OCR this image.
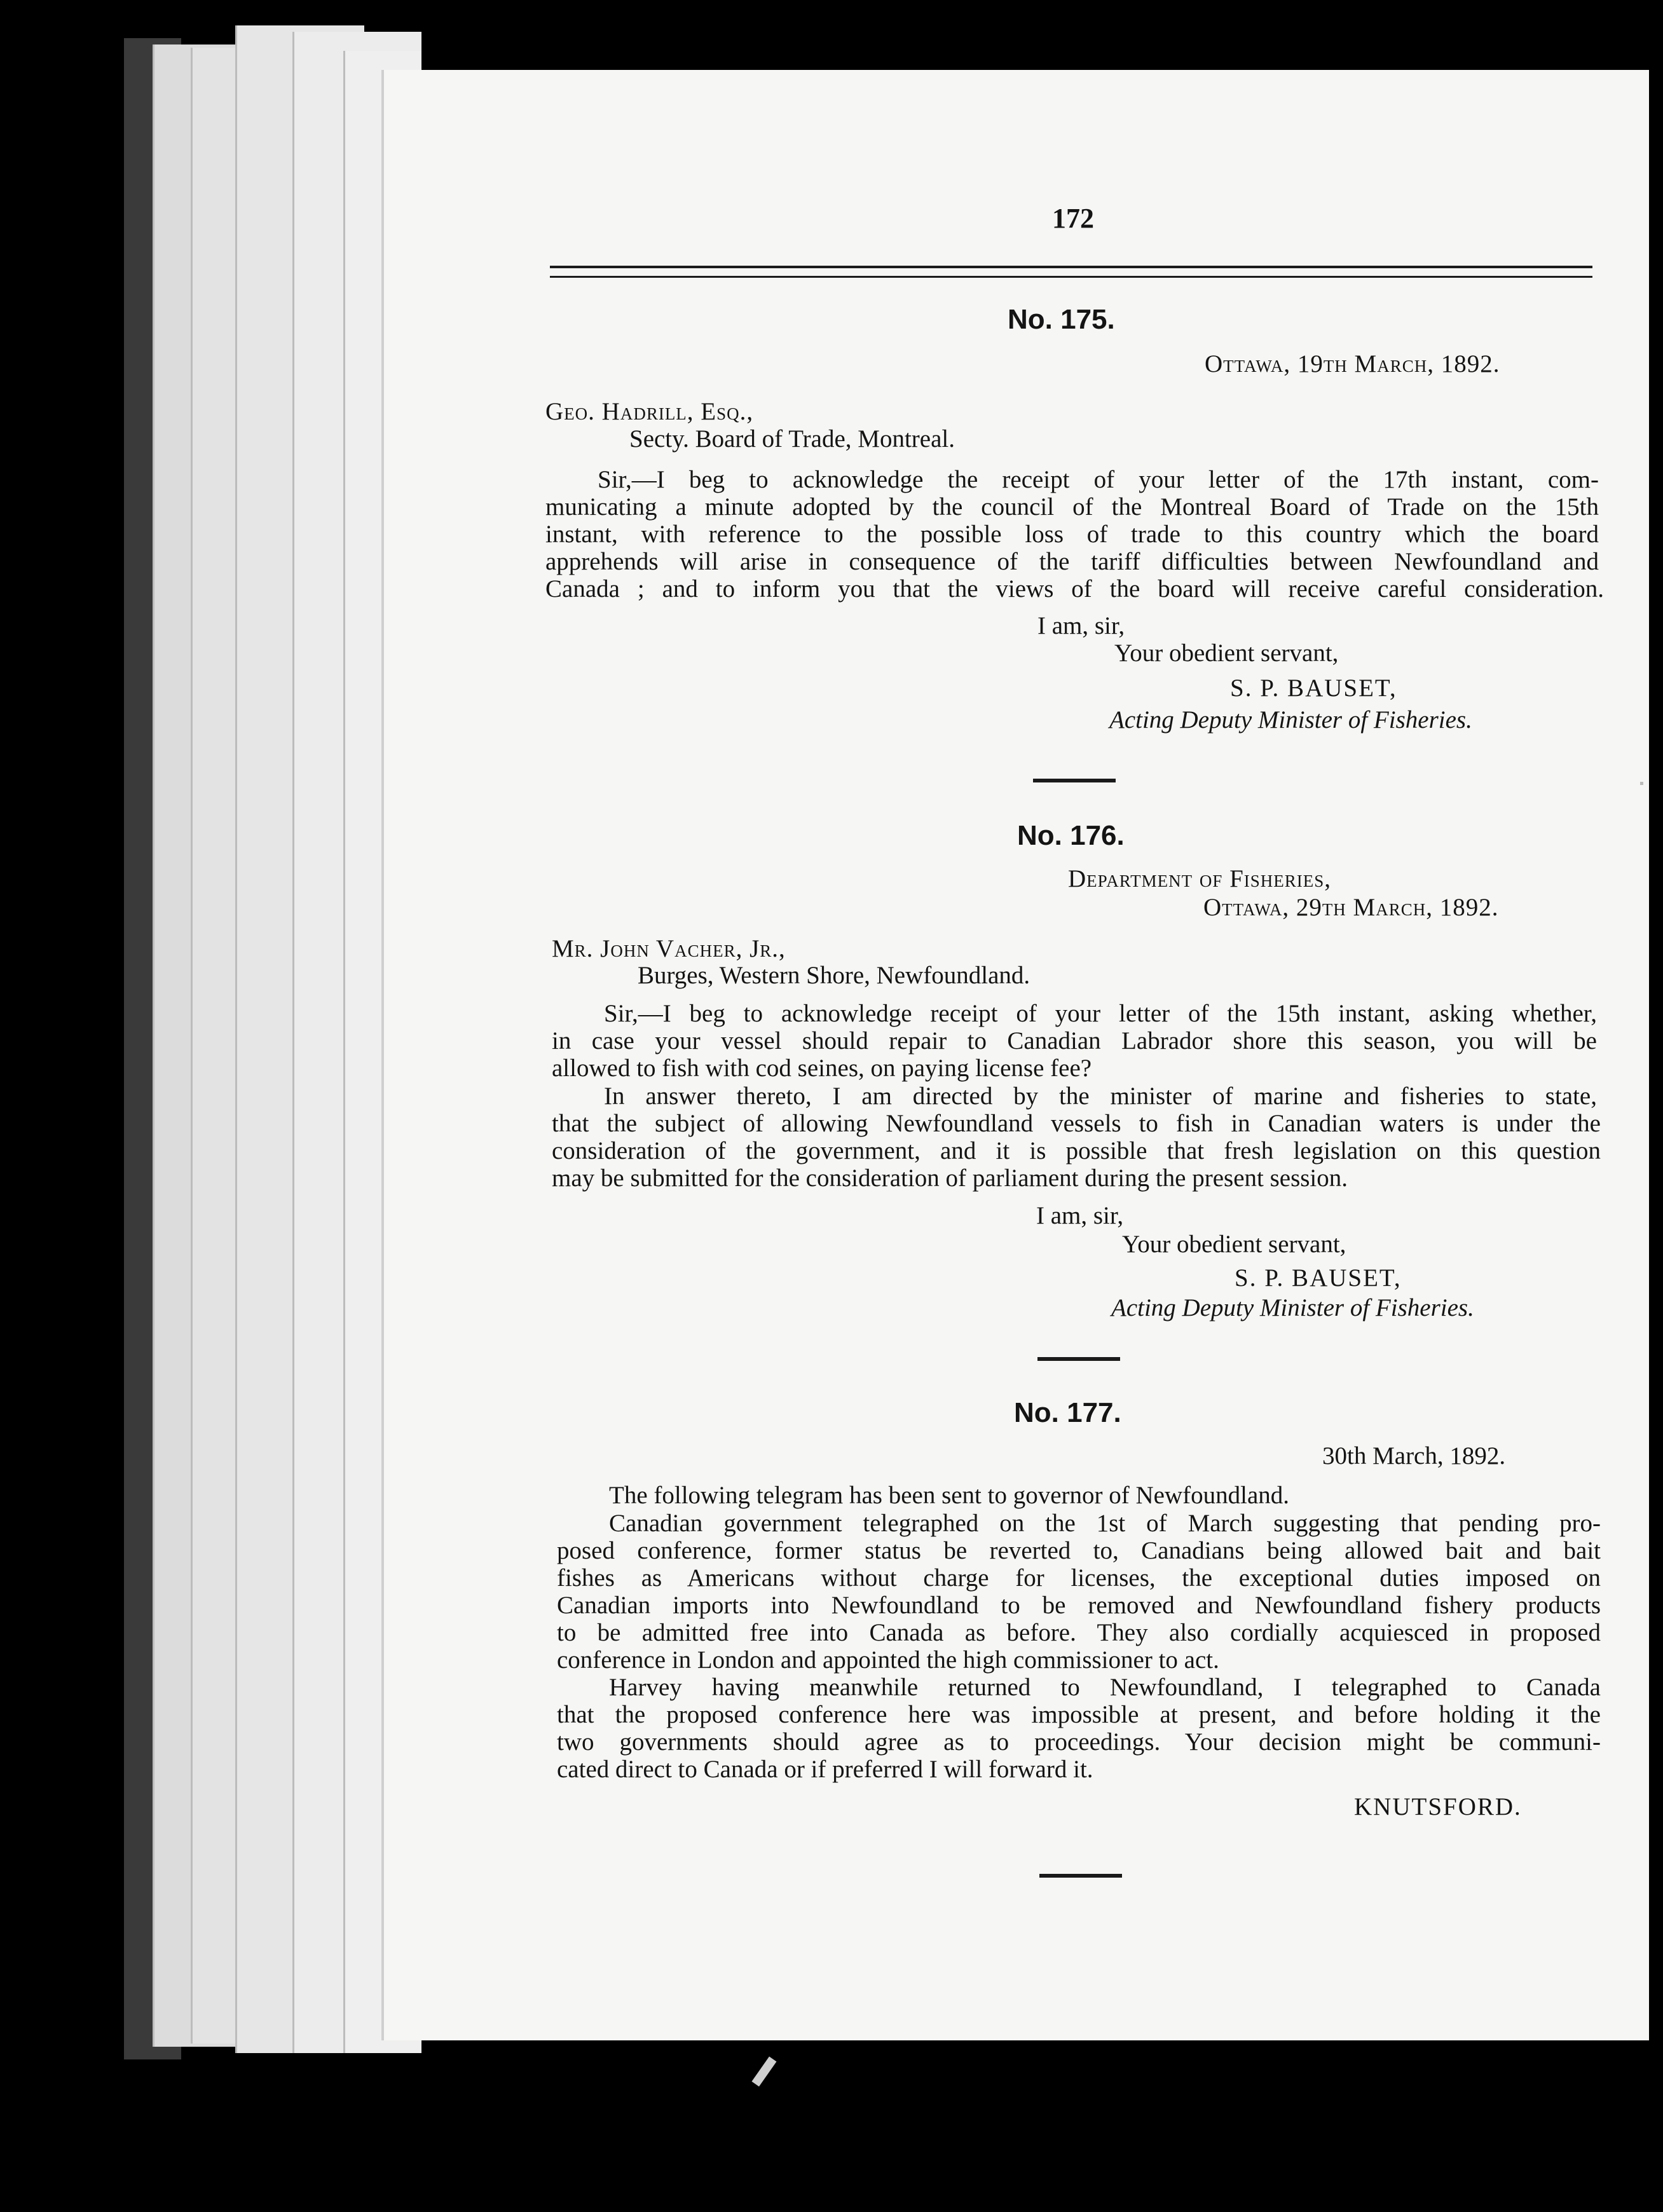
172
No. 175.
Ottawa, 19th March, 1892.
Geo. Hadrill, Esq.,
Secty. Board of Trade, Montreal.
Sir,—I beg to acknowledge the receipt of your letter of the 17th instant, com-
municating a minute adopted by the council of the Montreal Board of Trade on the 15th
instant, with reference to the possible loss of trade to this country which the board
apprehends will arise in consequence of the tariff difficulties between Newfoundland and
Canada ; and to inform you that the views of the board will receive careful consideration.
I am, sir,
Your obedient servant,
S. P. BAUSET,
Acting Deputy Minister of Fisheries.
No. 176.
Department of Fisheries,
Ottawa, 29th March, 1892.
Mr. John Vacher, Jr.,
Burges, Western Shore, Newfoundland.
Sir,—I beg to acknowledge receipt of your letter of the 15th instant, asking whether,
in case your vessel should repair to Canadian Labrador shore this season, you will be
allowed to fish with cod seines, on paying license fee?
In answer thereto, I am directed by the minister of marine and fisheries to state,
that the subject of allowing Newfoundland vessels to fish in Canadian waters is under the
consideration of the government, and it is possible that fresh legislation on this question
may be submitted for the consideration of parliament during the present session.
I am, sir,
Your obedient servant,
S. P. BAUSET,
Acting Deputy Minister of Fisheries.
No. 177.
30th March, 1892.
The following telegram has been sent to governor of Newfoundland.
Canadian government telegraphed on the 1st of March suggesting that pending pro-
posed conference, former status be reverted to, Canadians being allowed bait and bait
fishes as Americans without charge for licenses, the exceptional duties imposed on
Canadian imports into Newfoundland to be removed and Newfoundland fishery products
to be admitted free into Canada as before. They also cordially acquiesced in proposed
conference in London and appointed the high commissioner to act.
Harvey having meanwhile returned to Newfoundland, I telegraphed to Canada
that the proposed conference here was impossible at present, and before holding it the
two governments should agree as to proceedings. Your decision might be communi-
cated direct to Canada or if preferred I will forward it.
KNUTSFORD.
